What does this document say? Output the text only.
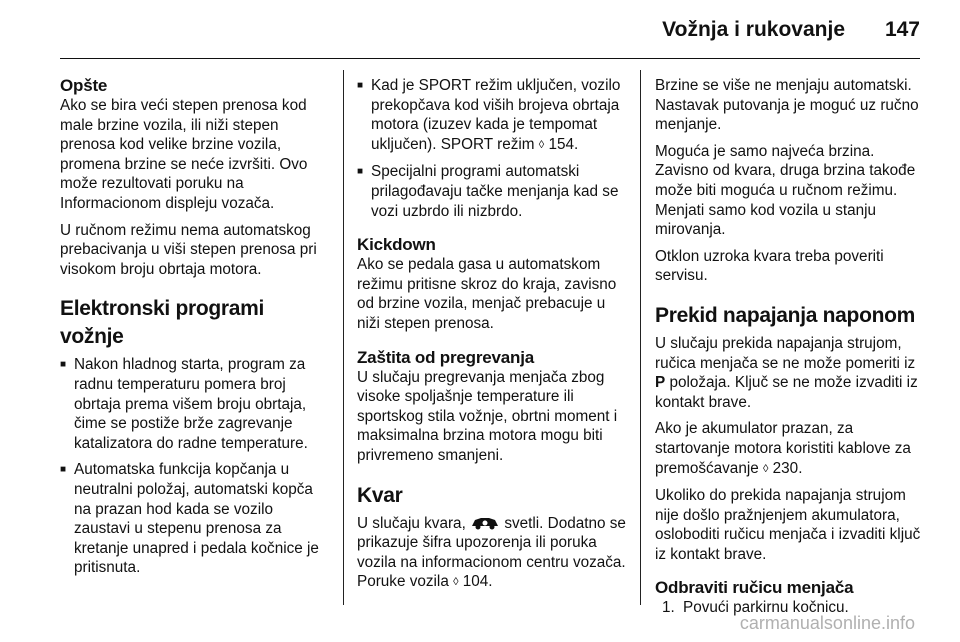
Vožnja i rukovanje 147
Opšte

Ako se bira veći stepen prenosa kod male brzine vozila, ili niži stepen prenosa kod velike brzine vozila, promena brzine se neće izvršiti. Ovo može rezultovati poruku na Informacionom displeju vozača.

U ručnom režimu nema automatskog prebacivanja u viši stepen prenosa pri visokom broju obrtaja motora.

Elektronski programi vožnje
■ Nakon hladnog starta, program za radnu temperaturu pomera broj obrtaja prema višem broju obrtaja, čime se postiže brže zagrevanje katalizatora do radne temperature.
■ Automatska funkcija kopčanja u neutralni položaj, automatski kopča na prazan hod kada se vozilo zaustavi u stepenu prenosa za kretanje unapred i pedala kočnice je pritisnuta.
■ Kad je SPORT režim uključen, vozilo prekopčava kod viših brojeva obrtaja motora (izuzev kada je tempomat uključen). SPORT režim ◊ 154.
■ Specijalni programi automatski prilagođavaju tačke menjanja kad se vozi uzbrdo ili nizbrdo.
Kickdown

Ako se pedala gasa u automatskom režimu pritisne skroz do kraja, zavisno od brzine vozila, menjač prebacuje u niži stepen prenosa.

Zaštita od pregrevanja

U slučaju pregrevanja menjača zbog visoke spoljašnje temperature ili sportskog stila vožnje, obrtni moment i maksimalna brzina motora mogu biti privremeno smanjeni.

Kvar

U slučaju kvara,	svetli. Dodatno se prikazuje šifra upozorenja ili poruka vozila na informacionom centru vozača. Poruke vozila ◊ 104.

Brzine se više ne menjaju automatski. Nastavak putovanja je moguć uz ručno menjanje.

Moguća je samo najveća brzina. Zavisno od kvara, druga brzina takođe može biti moguća u ručnom režimu. Menjati samo kod vozila u stanju mirovanja.

Otklon uzroka kvara treba poveriti servisu.

Prekid napajanja naponom

U slučaju prekida napajanja strujom, ručica menjača se ne može pomeriti iz P položaja. Ključ se ne može izvaditi iz kontakt brave.

Ako je akumulator prazan, za startovanje motora koristiti kablove za premošćavanje ◊ 230.

Ukoliko do prekida napajanja strujom nije došlo pražnjenjem akumulatora, osloboditi ručicu menjača i izvaditi ključ iz kontakt brave.

Odbraviti ručicu menjača
1. Povući parkirnu kočnicu.
carmanualsonline.info
